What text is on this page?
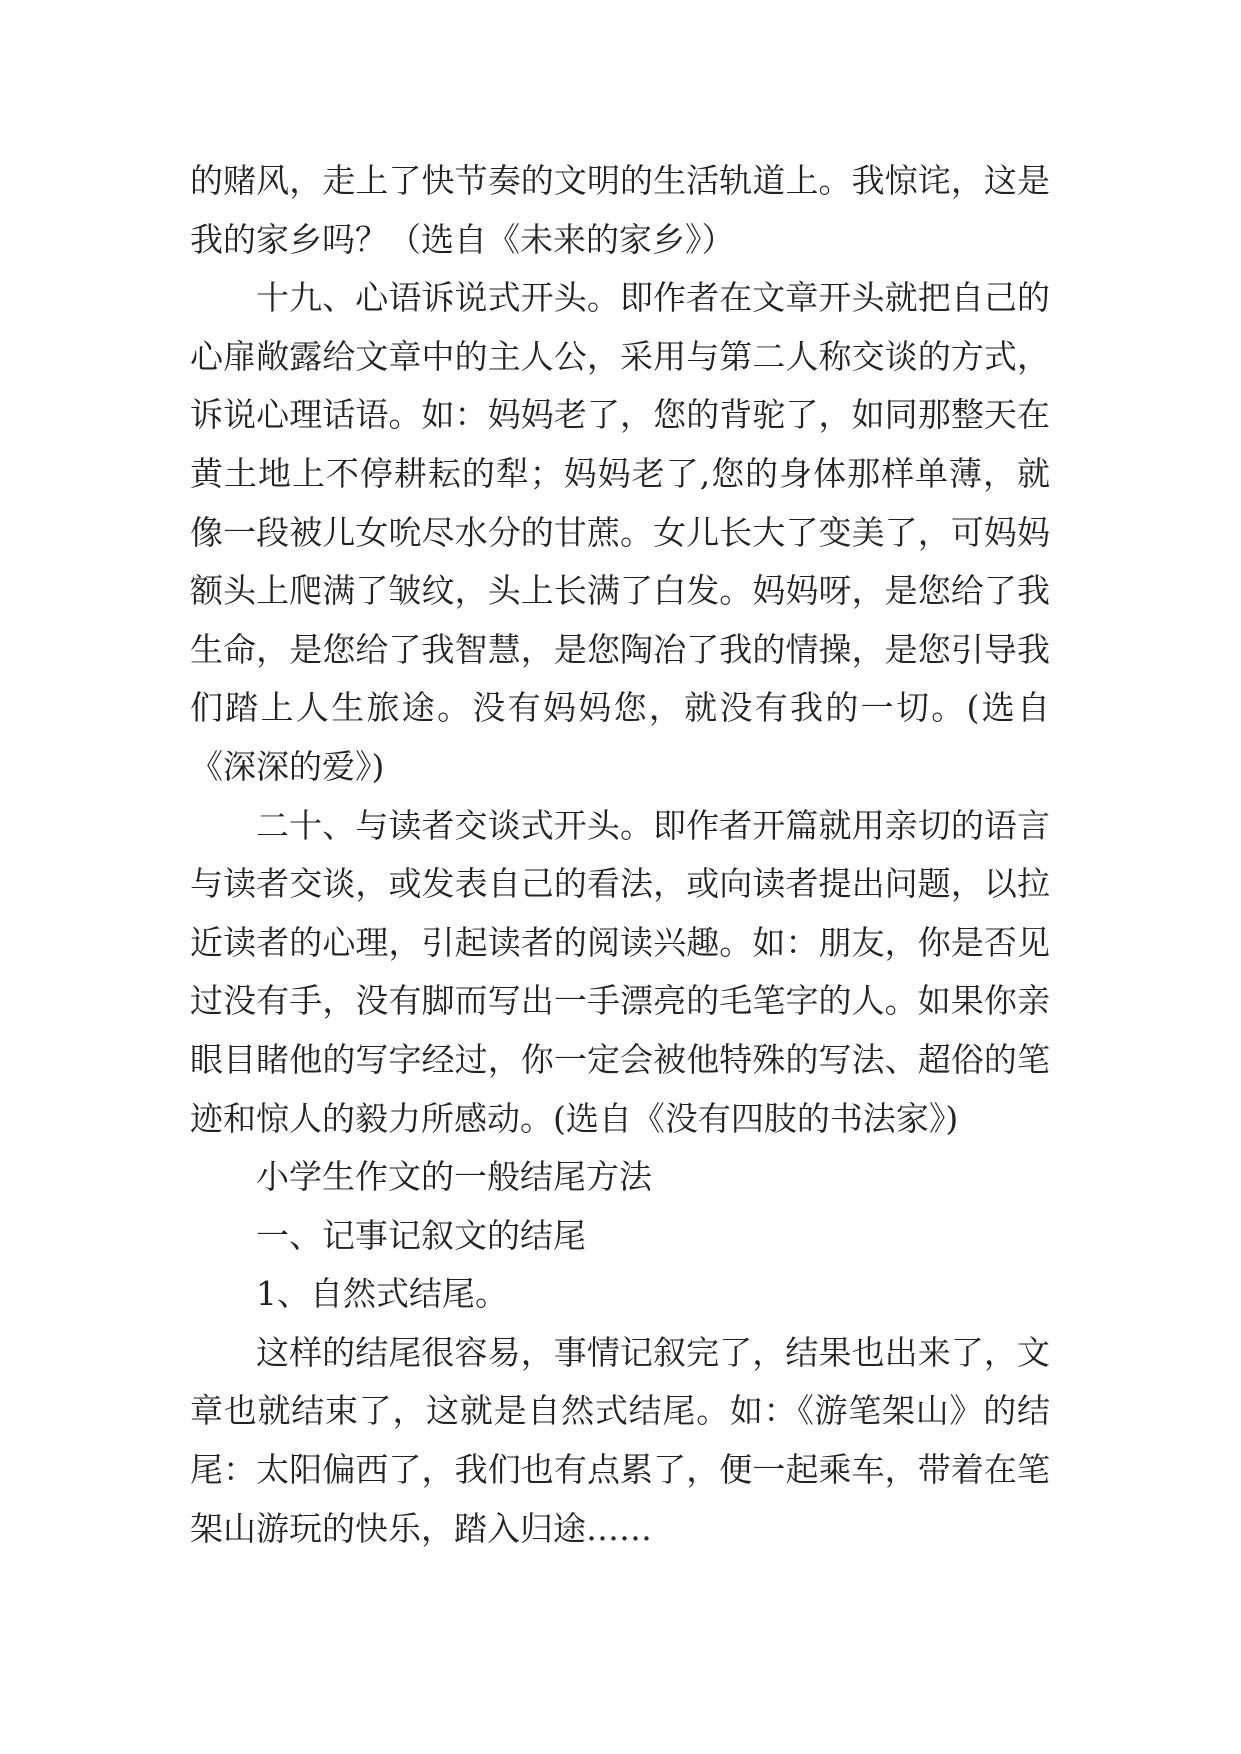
的赌风，走上了快节奏的文明的生活轨道上。我惊诧，这是我的家乡吗？（选自《未来的家乡》）

十九、心语诉说式开头。即作者在文章开头就把自己的心扉敞露给文章中的主人公，采用与第二人称交谈的方式，诉说心理话语。如：妈妈老了，您的背驼了，如同那整天在黄土地上不停耕耘的犁；妈妈老了,您的身体那样单薄，就像一段被儿女吮尽水分的甘蔗。女儿长大了变美了，可妈妈额头上爬满了皱纹，头上长满了白发。妈妈呀，是您给了我生命，是您给了我智慧，是您陶冶了我的情操，是您引导我们踏上人生旅途。没有妈妈您，就没有我的一切。(选自《深深的爱》)

二十、与读者交谈式开头。即作者开篇就用亲切的语言与读者交谈，或发表自己的看法，或向读者提出问题，以拉近读者的心理，引起读者的阅读兴趣。如：朋友，你是否见过没有手，没有脚而写出一手漂亮的毛笔字的人。如果你亲眼目睹他的写字经过，你一定会被他特殊的写法、超俗的笔迹和惊人的毅力所感动。(选自《没有四肢的书法家》)

小学生作文的一般结尾方法

一、记事记叙文的结尾

1、自然式结尾。

这样的结尾很容易，事情记叙完了，结果也出来了，文章也就结束了，这就是自然式结尾。如：《游笔架山》的结尾：太阳偏西了，我们也有点累了，便一起乘车，带着在笔架山游玩的快乐，踏入归途……
